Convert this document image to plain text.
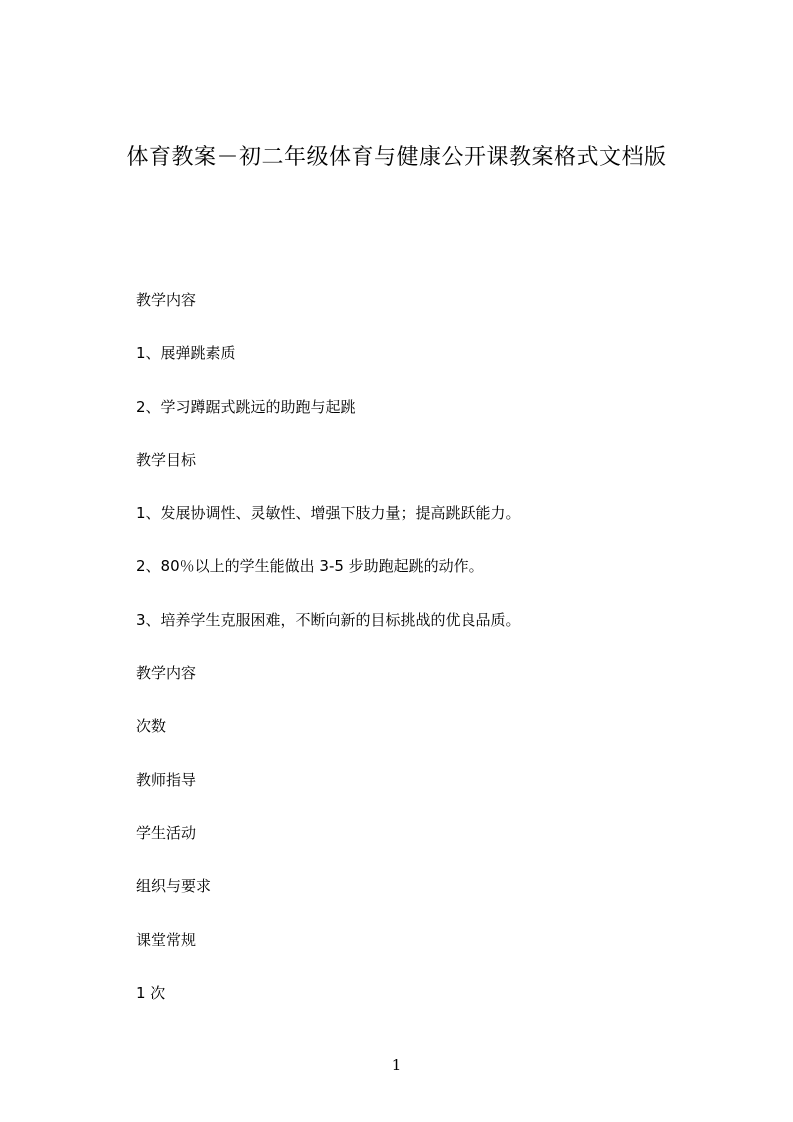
体育教案－初二年级体育与健康公开课教案格式文档版
教学内容
1、展弹跳素质
2、学习蹲踞式跳远的助跑与起跳
教学目标
1、发展协调性、灵敏性、增强下肢力量；提高跳跃能力。
2、80％以上的学生能做出 3-5 步助跑起跳的动作。
3、培养学生克服困难，不断向新的目标挑战的优良品质。
教学内容
次数
教师指导
学生活动
组织与要求
课堂常规
1 次
1
